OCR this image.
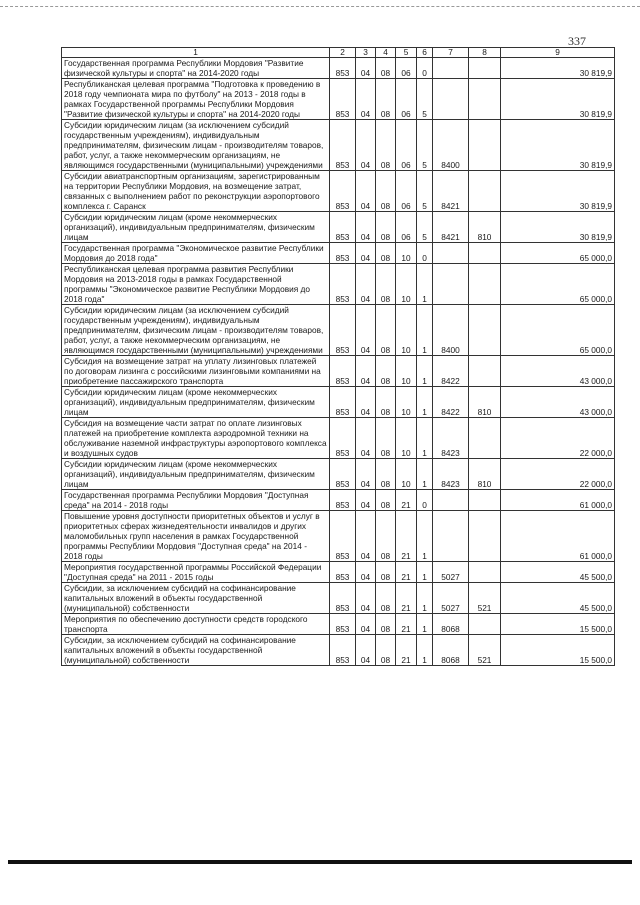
337
1	2	3	4	5	6	7	8	9
Государственная программа Республики Мордовия "Развитие физической культуры и спорта" на 2014-2020 годы	853	04	08	06	0			30 819,9
Республиканская целевая программа "Подготовка к проведению в 2018 году чемпионата мира по футболу" на 2013 - 2018 годы в рамках Государственной программы Республики Мордовия "Развитие физической культуры и спорта" на 2014-2020 годы	853	04	08	06	5			30 819,9
Субсидии юридическим лицам (за исключением субсидий государственным учреждениям), индивидуальным предпринимателям, физическим лицам - производителям товаров, работ, услуг, а также некоммерческим организациям, не являющимся государственными (муниципальными) учреждениями	853	04	08	06	5	8400		30 819,9
Субсидии авиатранспортным организациям, зарегистрированным на территории Республики Мордовия, на возмещение затрат, связанных с выполнением работ по реконструкции аэропортового комплекса г. Саранск	853	04	08	06	5	8421		30 819,9
Субсидии юридическим лицам (кроме некоммерческих организаций), индивидуальным предпринимателям, физическим лицам	853	04	08	06	5	8421	810	30 819,9
Государственная программа "Экономическое развитие Республики Мордовия до 2018 года"	853	04	08	10	0			65 000,0
Республиканская целевая программа развития Республики Мордовия на 2013-2018 годы в рамках Государственной программы "Экономическое развитие Республики Мордовия до 2018 года"	853	04	08	10	1			65 000,0
Субсидии юридическим лицам (за исключением субсидий государственным учреждениям), индивидуальным предпринимателям, физическим лицам - производителям товаров, работ, услуг, а также некоммерческим организациям, не являющимся государственными (муниципальными) учреждениями	853	04	08	10	1	8400		65 000,0
Субсидия на возмещение затрат на уплату лизинговых платежей по договорам лизинга с российскими лизинговыми компаниями на приобретение пассажирского транспорта	853	04	08	10	1	8422		43 000,0
Субсидии юридическим лицам (кроме некоммерческих организаций), индивидуальным предпринимателям, физическим лицам	853	04	08	10	1	8422	810	43 000,0
Субсидия на возмещение части затрат по оплате лизинговых платежей на приобретение комплекта аэродромной техники на обслуживание наземной инфраструктуры аэропортового комплекса и воздушных судов	853	04	08	10	1	8423		22 000,0
Субсидии юридическим лицам (кроме некоммерческих организаций), индивидуальным предпринимателям, физическим лицам	853	04	08	10	1	8423	810	22 000,0
Государственная программа Республики Мордовия "Доступная среда" на 2014 - 2018 годы	853	04	08	21	0			61 000,0
Повышение уровня доступности приоритетных объектов и услуг в приоритетных сферах жизнедеятельности инвалидов и других маломобильных групп населения в рамках Государственной программы Республики Мордовия "Доступная среда" на 2014 - 2018 годы	853	04	08	21	1			61 000,0
Мероприятия государственной программы Российской Федерации "Доступная среда" на 2011 - 2015 годы	853	04	08	21	1	5027		45 500,0
Субсидии, за исключением субсидий на софинансирование капитальных вложений в объекты государственной (муниципальной) собственности	853	04	08	21	1	5027	521	45 500,0
Мероприятия по обеспечению доступности средств городского транспорта	853	04	08	21	1	8068		15 500,0
Субсидии, за исключением субсидий на софинансирование капитальных вложений в объекты государственной (муниципальной) собственности	853	04	08	21	1	8068	521	15 500,0
